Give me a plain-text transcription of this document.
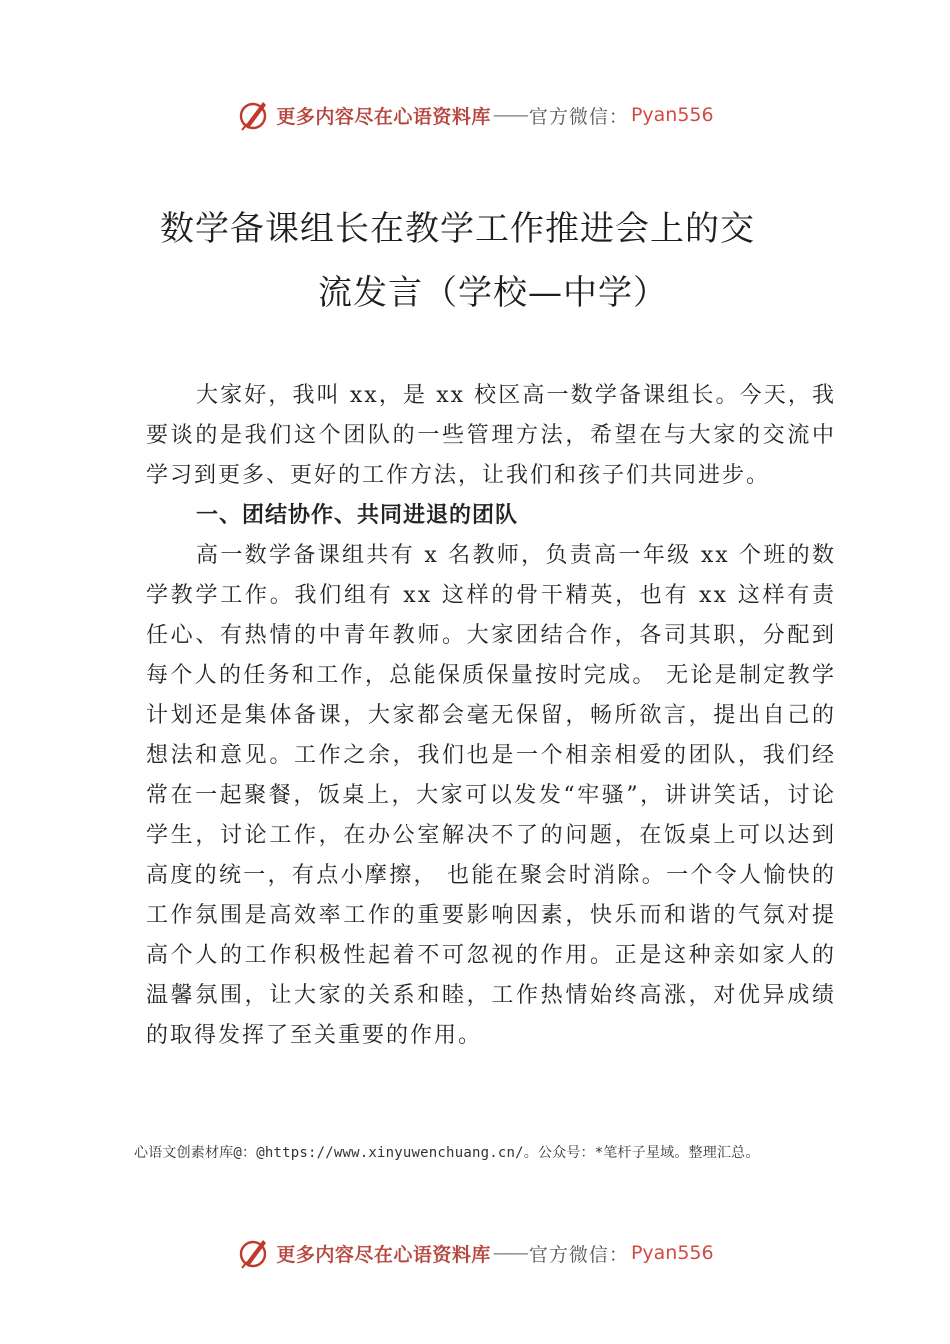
更多内容尽在心语资料库 —— 官方微信： Pyan556
数学备课组长在教学工作推进会上的交
流发言（学校—中学）

大家好，我叫 xx，是 xx 校区高一数学备课组长。今天，我要谈的是我们这个团队的一些管理方法，希望在与大家的交流中学习到更多、更好的工作方法，让我们和孩子们共同进步。

一、团结协作、共同进退的团队

高一数学备课组共有 x 名教师，负责高一年级 xx 个班的数学教学工作。我们组有 xx 这样的骨干精英，也有 xx 这样有责任心、有热情的中青年教师。大家团结合作，各司其职，分配到每个人的任务和工作，总能保质保量按时完成。 无论是制定教学计划还是集体备课，大家都会毫无保留，畅所欲言，提出自己的想法和意见。工作之余，我们也是一个相亲相爱的团队，我们经常在一起聚餐，饭桌上，大家可以发发“牢骚”，讲讲笑话，讨论学生，讨论工作，在办公室解决不了的问题，在饭桌上可以达到高度的统一，有点小摩擦， 也能在聚会时消除。一个令人愉快的工作氛围是高效率工作的重要影响因素，快乐而和谐的气氛对提高个人的工作积极性起着不可忽视的作用。正是这种亲如家人的温馨氛围，让大家的关系和睦，工作热情始终高涨，对优异成绩的取得发挥了至关重要的作用。

心语文创素材库@：@https://www.xinyuwenchuang.cn/。公众号：*笔杆子星域。整理汇总。
更多内容尽在心语资料库 —— 官方微信： Pyan556
